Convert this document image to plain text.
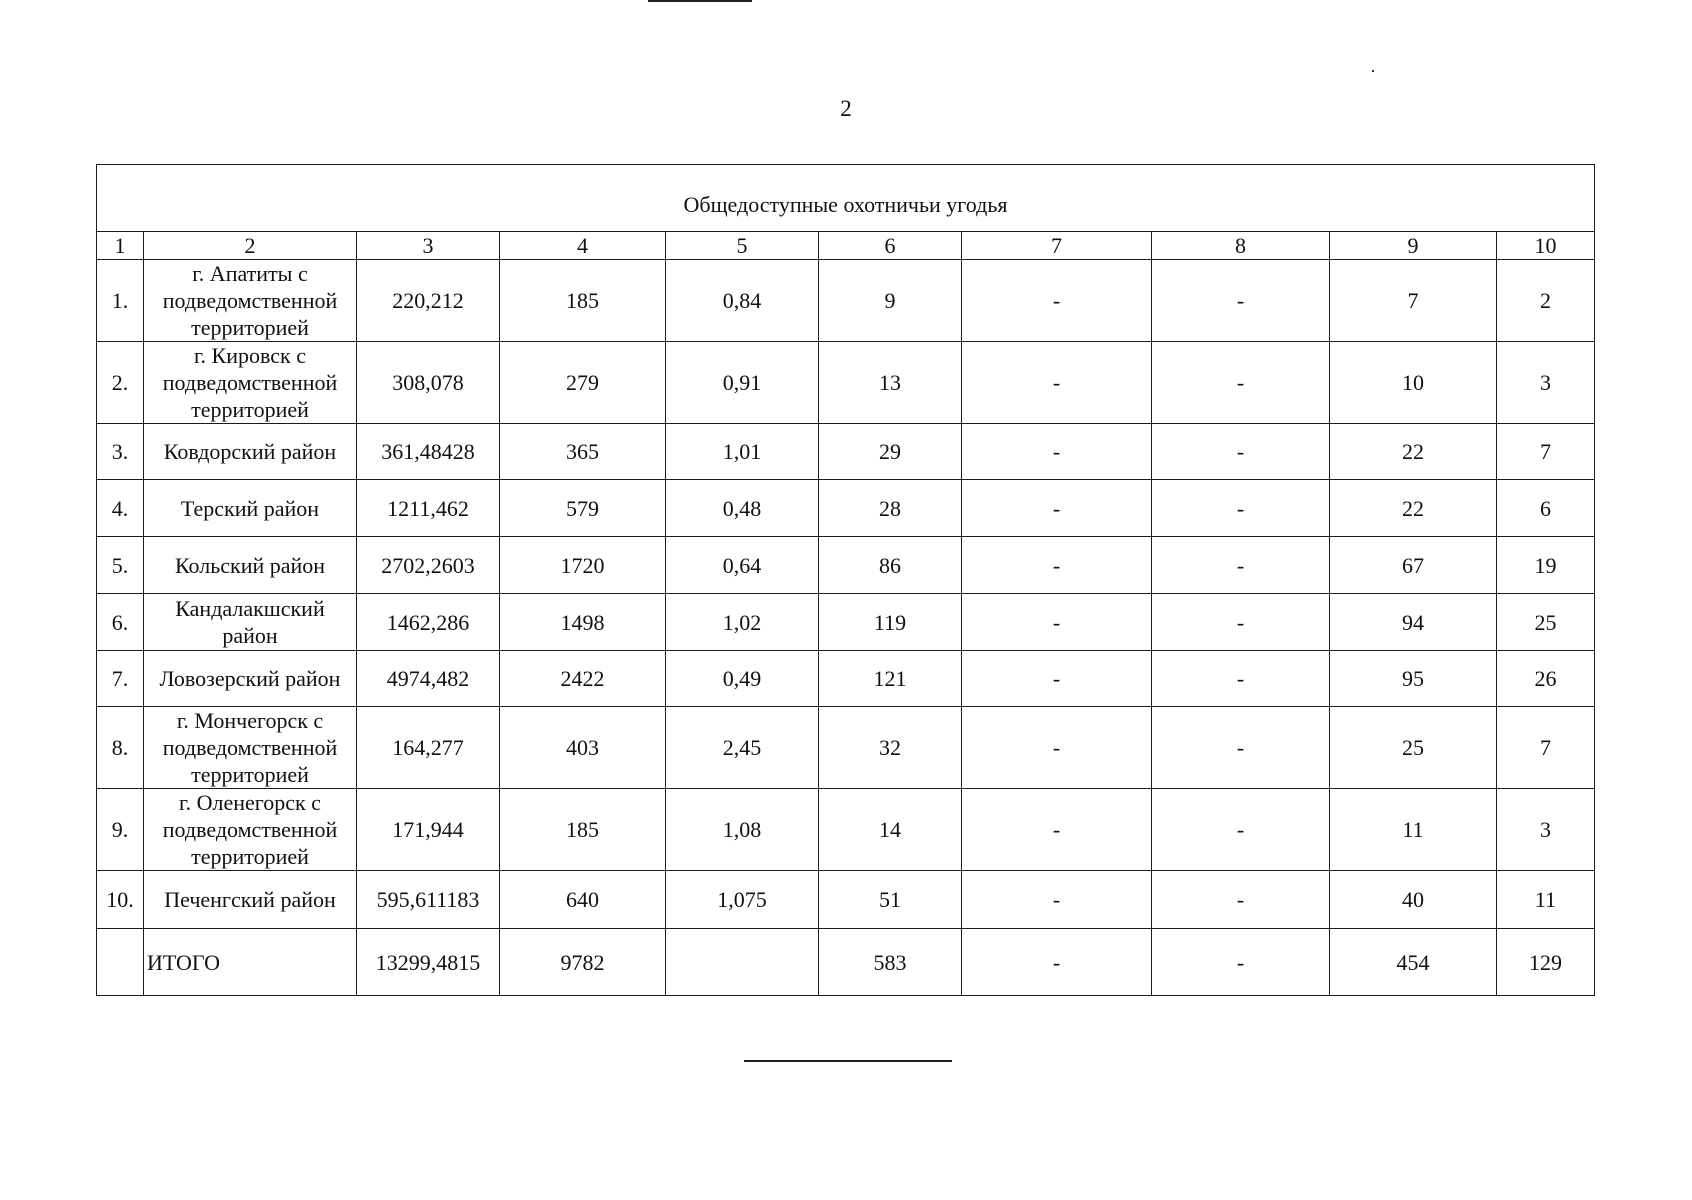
2
Общедоступные охотничьи угодья									
1	2	3	4	5	6	7	8	9	10
1.	г. Апатиты с подведомственной территорией	220,212	185	0,84	9	-	-	7	2
2.	г. Кировск с подведомственной территорией	308,078	279	0,91	13	-	-	10	3
3.	Ковдорский район	361,48428	365	1,01	29	-	-	22	7
4.	Терский район	1211,462	579	0,48	28	-	-	22	6
5.	Кольский район	2702,2603	1720	0,64	86	-	-	67	19
6.	Кандалакшский район	1462,286	1498	1,02	119	-	-	94	25
7.	Ловозерский район	4974,482	2422	0,49	121	-	-	95	26
8.	г. Мончегорск с подведомственной территорией	164,277	403	2,45	32	-	-	25	7
9.	г. Оленегорск с подведомственной территорией	171,944	185	1,08	14	-	-	11	3
10.	Печенгский район	595,611183	640	1,075	51	-	-	40	11
	ИТОГО	13299,4815	9782		583	-	-	454	129
